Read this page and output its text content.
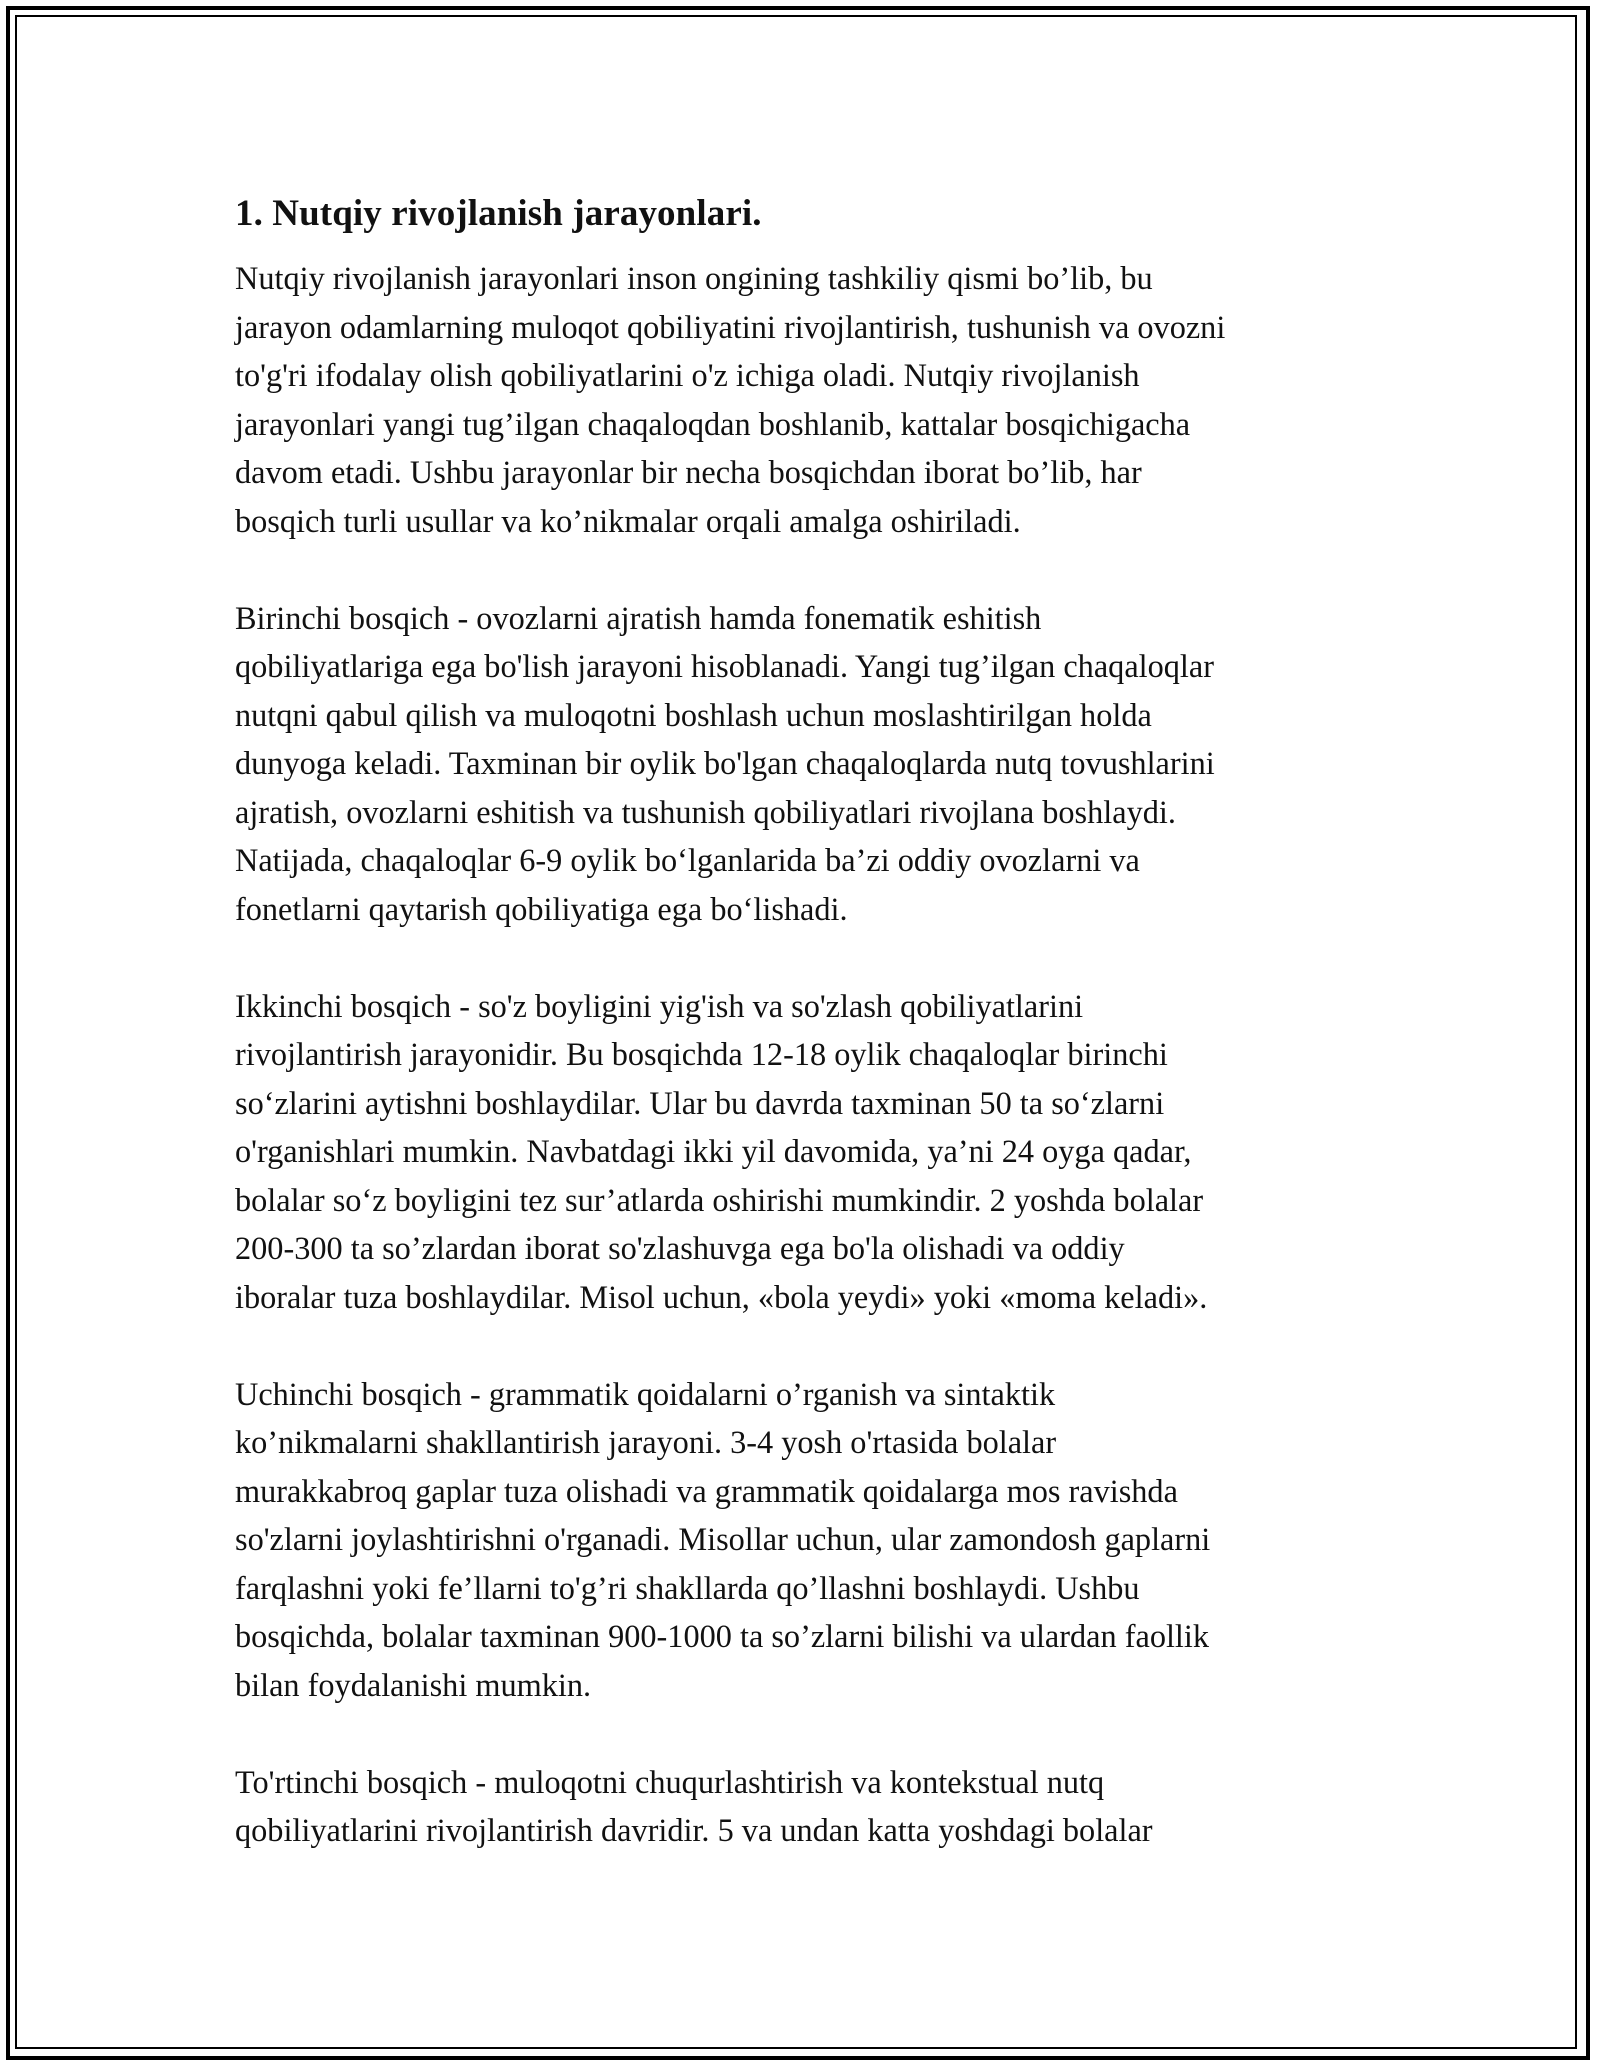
1. Nutqiy rivojlanish jarayonlari.

Nutqiy rivojlanish jarayonlari inson ongining tashkiliy qismi bo’lib, bu
jarayon odamlarning muloqot qobiliyatini rivojlantirish, tushunish va ovozni
to'g'ri ifodalay olish qobiliyatlarini o'z ichiga oladi. Nutqiy rivojlanish
jarayonlari yangi tug’ilgan chaqaloqdan boshlanib, kattalar bosqichigacha
davom etadi. Ushbu jarayonlar bir necha bosqichdan iborat bo’lib, har
bosqich turli usullar va ko’nikmalar orqali amalga oshiriladi.

Birinchi bosqich - ovozlarni ajratish hamda fonematik eshitish
qobiliyatlariga ega bo'lish jarayoni hisoblanadi. Yangi tug’ilgan chaqaloqlar
nutqni qabul qilish va muloqotni boshlash uchun moslashtirilgan holda
dunyoga keladi. Taxminan bir oylik bo'lgan chaqaloqlarda nutq tovushlarini
ajratish, ovozlarni eshitish va tushunish qobiliyatlari rivojlana boshlaydi.
Natijada, chaqaloqlar 6-9 oylik bo‘lganlarida ba’zi oddiy ovozlarni va
fonetlarni qaytarish qobiliyatiga ega bo‘lishadi.

Ikkinchi bosqich - so'z boyligini yig'ish va so'zlash qobiliyatlarini
rivojlantirish jarayonidir. Bu bosqichda 12-18 oylik chaqaloqlar birinchi
so‘zlarini aytishni boshlaydilar. Ular bu davrda taxminan 50 ta so‘zlarni
o'rganishlari mumkin. Navbatdagi ikki yil davomida, ya’ni 24 oyga qadar,
bolalar so‘z boyligini tez sur’atlarda oshirishi mumkindir. 2 yoshda bolalar
200-300 ta so’zlardan iborat so'zlashuvga ega bo'la olishadi va oddiy
iboralar tuza boshlaydilar. Misol uchun, «bola yeydi» yoki «moma keladi».

Uchinchi bosqich - grammatik qoidalarni o’rganish va sintaktik
ko’nikmalarni shakllantirish jarayoni. 3-4 yosh o'rtasida bolalar
murakkabroq gaplar tuza olishadi va grammatik qoidalarga mos ravishda
so'zlarni joylashtirishni o'rganadi. Misollar uchun, ular zamondosh gaplarni
farqlashni yoki fe’llarni to'g’ri shakllarda qo’llashni boshlaydi. Ushbu
bosqichda, bolalar taxminan 900-1000 ta so’zlarni bilishi va ulardan faollik
bilan foydalanishi mumkin.

To'rtinchi bosqich - muloqotni chuqurlashtirish va kontekstual nutq
qobiliyatlarini rivojlantirish davridir. 5 va undan katta yoshdagi bolalar
